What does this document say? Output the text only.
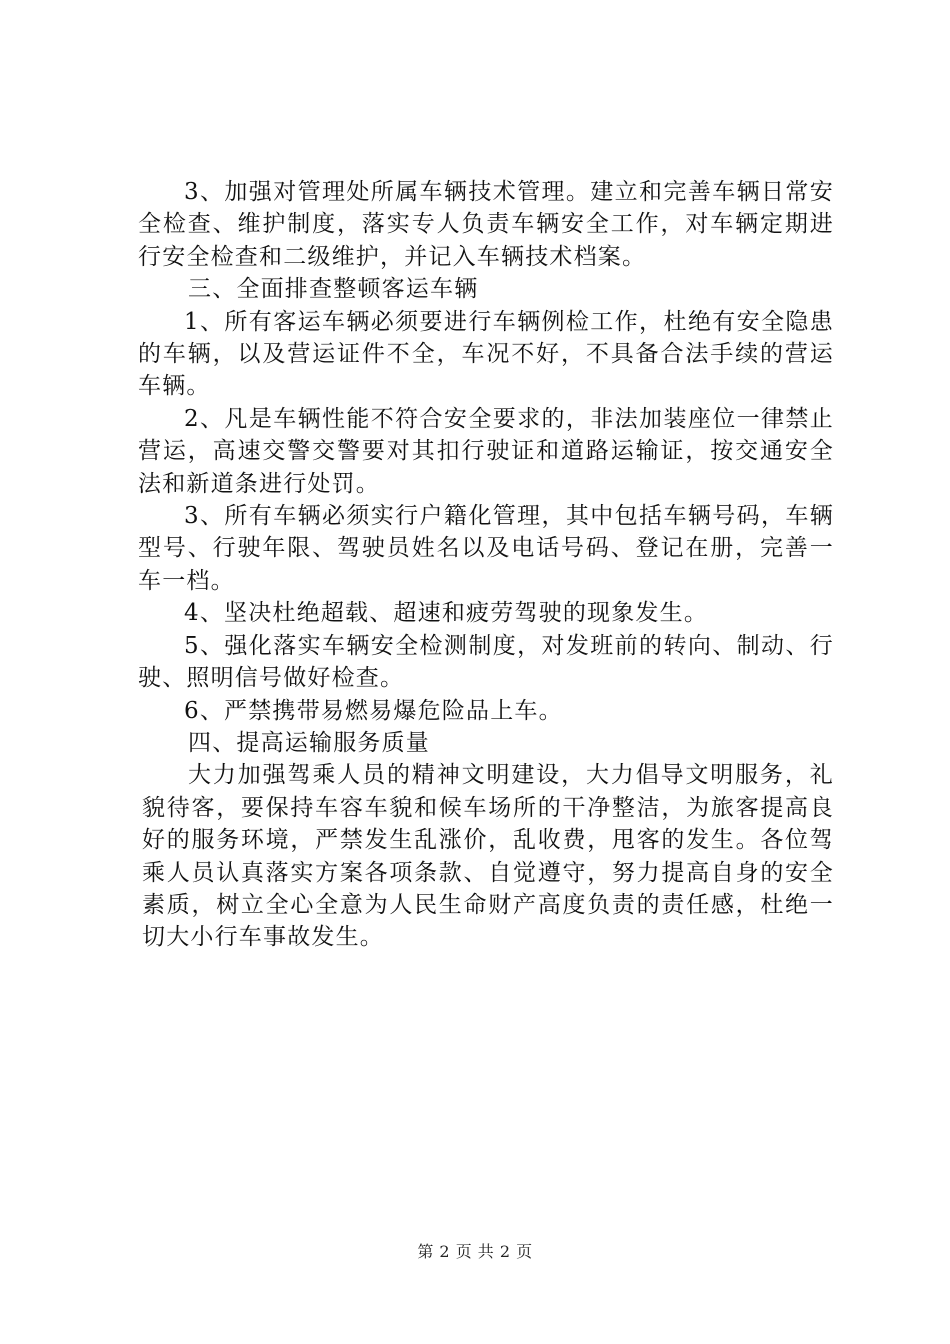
3、加强对管理处所属车辆技术管理。建立和完善车辆日常安全检查、维护制度，落实专人负责车辆安全工作，对车辆定期进行安全检查和二级维护，并记入车辆技术档案。

三、全面排查整顿客运车辆

1、所有客运车辆必须要进行车辆例检工作，杜绝有安全隐患的车辆，以及营运证件不全，车况不好，不具备合法手续的营运车辆。

2、凡是车辆性能不符合安全要求的，非法加装座位一律禁止营运，高速交警交警要对其扣行驶证和道路运输证，按交通安全法和新道条进行处罚。

3、所有车辆必须实行户籍化管理，其中包括车辆号码，车辆型号、行驶年限、驾驶员姓名以及电话号码、登记在册，完善一车一档。

4、坚决杜绝超载、超速和疲劳驾驶的现象发生。

5、强化落实车辆安全检测制度，对发班前的转向、制动、行驶、照明信号做好检查。

6、严禁携带易燃易爆危险品上车。

四、提高运输服务质量

大力加强驾乘人员的精神文明建设，大力倡导文明服务，礼貌待客，要保持车容车貌和候车场所的干净整洁，为旅客提高良好的服务环境，严禁发生乱涨价，乱收费，甩客的发生。各位驾乘人员认真落实方案各项条款、自觉遵守，努力提高自身的安全素质，树立全心全意为人民生命财产高度负责的责任感，杜绝一切大小行车事故发生。

第 2 页 共 2 页
